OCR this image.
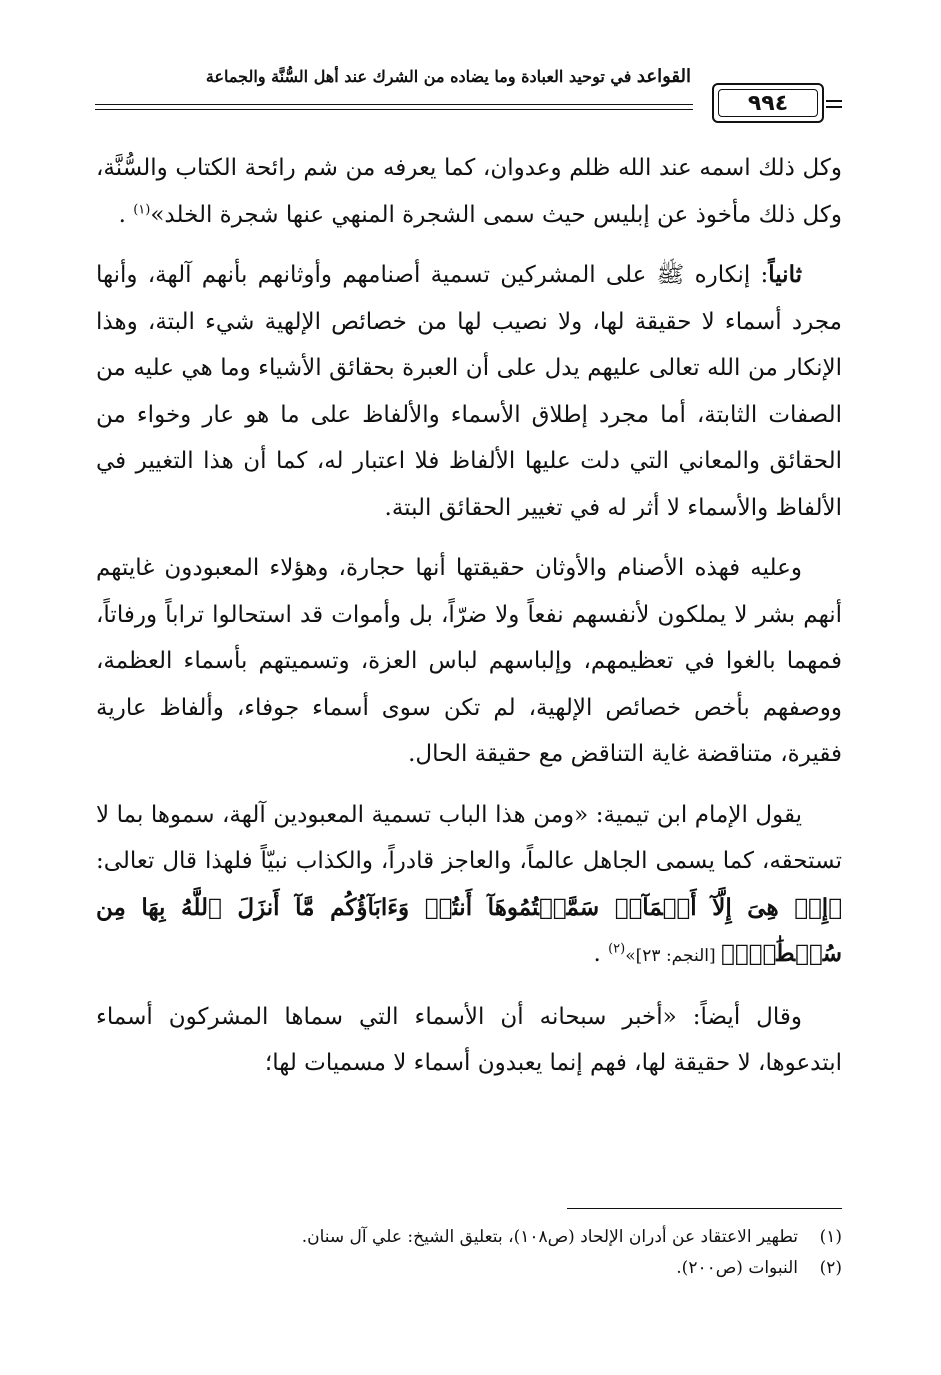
القواعد في توحيد العبادة وما يضاده من الشرك عند أهل السُّنَّة والجماعة
٩٩٤

وكل ذلك اسمه عند الله ظلم وعدوان، كما يعرفه من شم رائحة الكتاب والسُّنَّة، وكل ذلك مأخوذ عن إبليس حيث سمى الشجرة المنهي عنها شجرة الخلد»$^{(١)}$ .

ثانياً: إنكاره ﷺ على المشركين تسمية أصنامهم وأوثانهم بأنهم آلهة، وأنها مجرد أسماء لا حقيقة لها، ولا نصيب لها من خصائص الإلهية شيء البتة، وهذا الإنكار من الله تعالى عليهم يدل على أن العبرة بحقائق الأشياء وما هي عليه من الصفات الثابتة، أما مجرد إطلاق الأسماء والألفاظ على ما هو عار وخواء من الحقائق والمعاني التي دلت عليها الألفاظ فلا اعتبار له، كما أن هذا التغيير في الألفاظ والأسماء لا أثر له في تغيير الحقائق البتة.

وعليه فهذه الأصنام والأوثان حقيقتها أنها حجارة، وهؤلاء المعبودون غايتهم أنهم بشر لا يملكون لأنفسهم نفعاً ولا ضرّاً، بل وأموات قد استحالوا تراباً ورفاتاً، فمهما بالغوا في تعظيمهم، وإلباسهم لباس العزة، وتسميتهم بأسماء العظمة، ووصفهم بأخص خصائص الإلهية، لم تكن سوى أسماء جوفاء، وألفاظ عارية فقيرة، متناقضة غاية التناقض مع حقيقة الحال.

يقول الإمام ابن تيمية: «ومن هذا الباب تسمية المعبودين آلهة، سموها بما لا تستحقه، كما يسمى الجاهل عالماً، والعاجز قادراً، والكذاب نبيّاً فلهذا قال تعالى: ﴿إِنۡ هِىَ إِلَّآ أَسۡمَآءٞ سَمَّيۡتُمُوهَآ أَنتُمۡ وَءَابَآؤُكُم مَّآ أَنزَلَ ٱللَّهُ بِهَا مِن سُلۡطَٰنٍۚ﴾ [النجم: ٢٣]»$^{(٢)}$ .

وقال أيضاً: «أخبر سبحانه أن الأسماء التي سماها المشركون أسماء ابتدعوها، لا حقيقة لها، فهم إنما يعبدون أسماء لا مسميات لها؛

(١)
تطهير الاعتقاد عن أدران الإلحاد (ص١٠٨)، بتعليق الشيخ: علي آل سنان.
(٢)
النبوات (ص٢٠٠).
